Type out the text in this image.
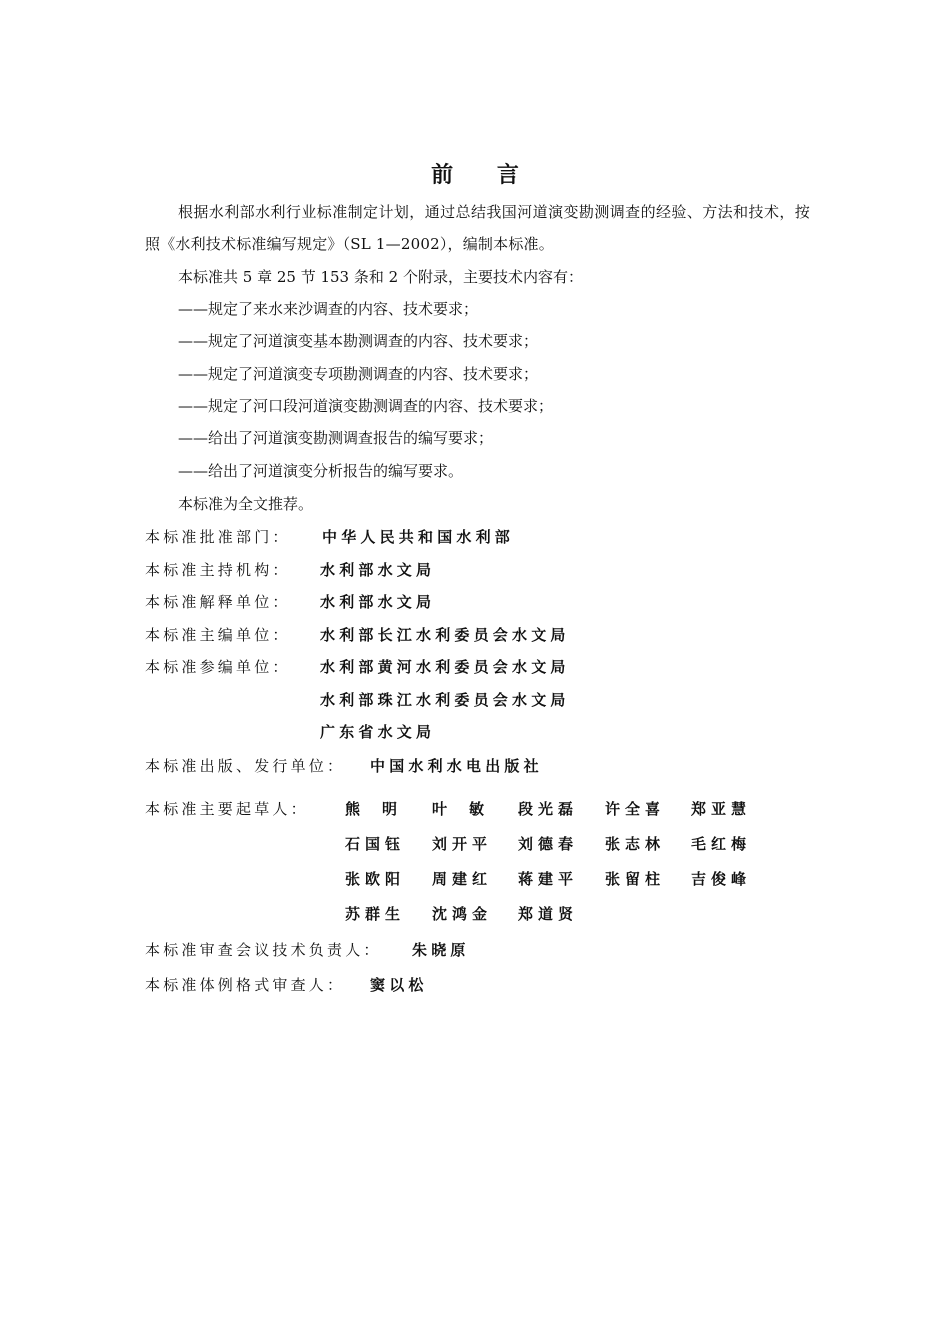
前 言
根据水利部水利行业标准制定计划，通过总结我国河道演变勘测调查的经验、方法和技术，按照《水利技术标准编写规定》（SL 1—2002），编制本标准。
本标准共 5 章 25 节 153 条和 2 个附录，主要技术内容有：
——规定了来水来沙调查的内容、技术要求；
——规定了河道演变基本勘测调查的内容、技术要求；
——规定了河道演变专项勘测调查的内容、技术要求；
——规定了河口段河道演变勘测调查的内容、技术要求；
——给出了河道演变勘测调查报告的编写要求；
——给出了河道演变分析报告的编写要求。
本标准为全文推荐。
本标准批准部门： 中华人民共和国水利部
本标准主持机构： 水利部水文局
本标准解释单位： 水利部水文局
本标准主编单位： 水利部长江水利委员会水文局
本标准参编单位： 水利部黄河水利委员会水文局
水利部珠江水利委员会水文局
广东省水文局
本标准出版、发行单位： 中国水利水电出版社
本标准主要起草人： 熊明 叶敏 段光磊 许全喜 郑亚慧
石国钰 刘开平 刘德春 张志林 毛红梅
张欧阳 周建红 蒋建平 张留柱 吉俊峰
苏群生 沈鸿金 郑道贤
本标准审查会议技术负责人： 朱晓原
本标准体例格式审查人： 窦以松
